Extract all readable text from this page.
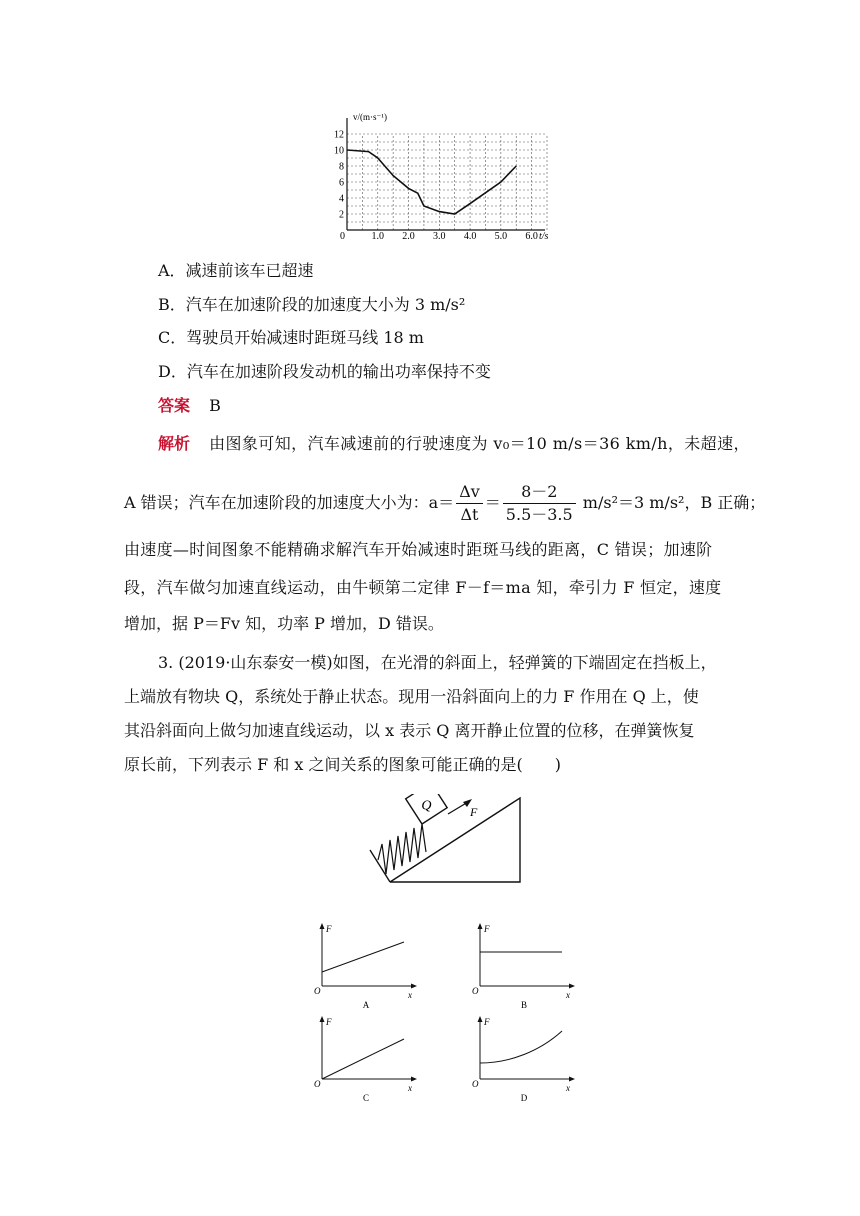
v/(m·s⁻¹)
t/s
12
10
8
6
4
2
0	1.0 2.0 3.0 4.0 5.0 6.0
A．减速前该车已超速
B．汽车在加速阶段的加速度大小为 3 m/s²
C．驾驶员开始减速时距斑马线 18 m
D．汽车在加速阶段发动机的输出功率保持不变
答案 B
解析 由图象可知，汽车减速前的行驶速度为 v₀＝10 m/s＝36 km/h，未超速，
A 错误；汽车在加速阶段的加速度大小为：$a= \frac{\Delta v}{\Delta t} = \frac{8-2}{5.5-3.5} m/s^2=3$ m/s²，B 正确；
由速度—时间图象不能精确求解汽车开始减速时距斑马线的距离，C 错误；加速阶
段，汽车做匀加速直线运动，由牛顿第二定律 F－f＝ma 知，牵引力 F 恒定，速度
增加，据 P＝Fv 知，功率 P 增加，D 错误。
3. (2019·山东泰安一模)如图，在光滑的斜面上，轻弹簧的下端固定在挡板上，
上端放有物块 Q，系统处于静止状态。现用一沿斜面向上的力 F 作用在 Q 上，使
其沿斜面向上做匀加速直线运动，以 x 表示 Q 离开静止位置的位移，在弹簧恢复
原长前，下列表示 F 和 x 之间关系的图象可能正确的是(　　)
Q	F
F
x
O
A
F
x
O
B
F
x
O
C
F
x
O
D
